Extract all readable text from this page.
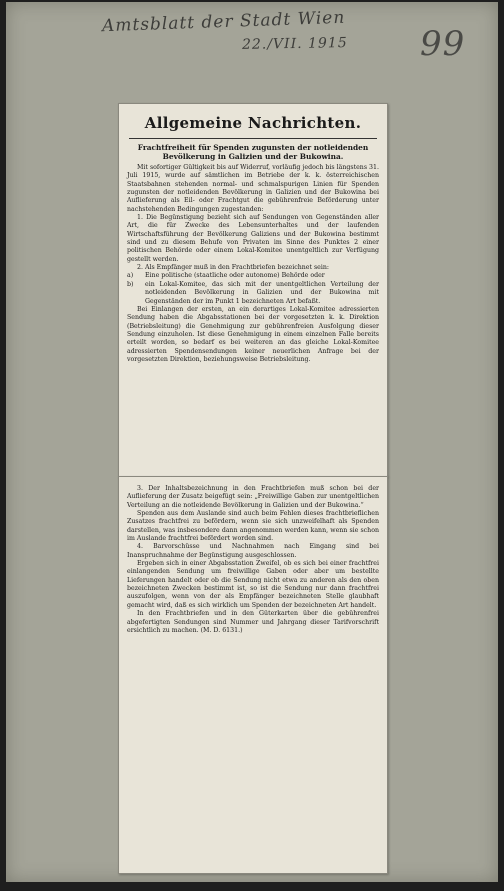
Amtsblatt der Stadt Wien
22./VII. 1915 99
Allgemeine Nachrichten.
Frachtfreiheit für Spenden zugunsten der notleidenden Bevölkerung in Galizien und der Bukowina.
Mit sofortiger Gültigkeit bis auf Widerruf, vorläufig jedoch bis längstens 31. Juli 1915, wurde auf sämtlichen im Betriebe der k. k. österreichischen Staatsbahnen stehenden normal- und schmalspurigen Linien für Spenden zugunsten der notleidenden Bevölkerung in Galizien und der Bukowina bei Auflieferung als Eil- oder Frachtgut die gebührenfreie Beförderung unter nachstehenden Bedingungen zugestanden:
1. Die Begünstigung bezieht sich auf Sendungen von Gegenständen aller Art, die für Zwecke des Lebensunterhaltes und der laufenden Wirtschaftsführung der Bevölkerung Galiziens und der Bukowina bestimmt sind und zu diesem Behufe von Privaten im Sinne des Punktes 2 einer politischen Behörde oder einem Lokal-Komitee unentgeltlich zur Verfügung gestellt werden.
2. Als Empfänger muß in den Frachtbriefen bezeichnet sein:
a) Eine politische (staatliche oder autonome) Behörde oder
b) ein Lokal-Komitee, das sich mit der unentgeltlichen Verteilung der notleidenden Bevölkerung in Galizien und der Bukowina mit Gegenständen der im Punkt 1 bezeichneten Art befaßt.
Bei Einlangen der ersten, an ein derartiges Lokal-Komitee adressierten Sendung haben die Abgabsstationen bei der vorgesetzten k. k. Direktion (Betriebsleitung) die Genehmigung zur gebührenfreien Ausfolgung dieser Sendung einzuholen. Ist diese Genehmigung in einem einzelnen Falle bereits erteilt worden, so bedarf es bei weiteren an das gleiche Lokal-Komitee adressierten Spendensendungen keiner neuerlichen Anfrage bei der vorgesetzten Direktion, beziehungsweise Betriebsleitung.
3. Der Inhaltsbezeichnung in den Frachtbriefen muß schon bei der Auflieferung der Zusatz beigefügt sein: „Freiwillige Gaben zur unentgeltlichen Verteilung an die notleidende Bevölkerung in Galizien und der Bukowina.“
Spenden aus dem Auslande sind auch beim Fehlen dieses frachtbrieflichen Zusatzes frachtfrei zu befördern, wenn sie sich unzweifelhaft als Spenden darstellen, was insbesondere dann angenommen werden kann, wenn sie schon im Auslande frachtfrei befördert worden sind.
4. Barvorschüsse und Nachnahmen nach Eingang sind bei Inanspruchnahme der Begünstigung ausgeschlossen.
Ergeben sich in einer Abgabsstation Zweifel, ob es sich bei einer frachtfrei einlangenden Sendung um freiwillige Gaben oder aber um bestellte Lieferungen handelt oder ob die Sendung nicht etwa zu anderen als den oben bezeichneten Zwecken bestimmt ist, so ist die Sendung nur dann frachtfrei auszufolgen, wenn von der als Empfänger bezeichneten Stelle glaubhaft gemacht wird, daß es sich wirklich um Spenden der bezeichneten Art handelt.
In den Frachtbriefen und in den Güterkarten über die gebührenfrei abgefertigten Sendungen sind Nummer und Jahrgang dieser Tarifvorschrift ersichtlich zu machen. (M. D. 6131.)
